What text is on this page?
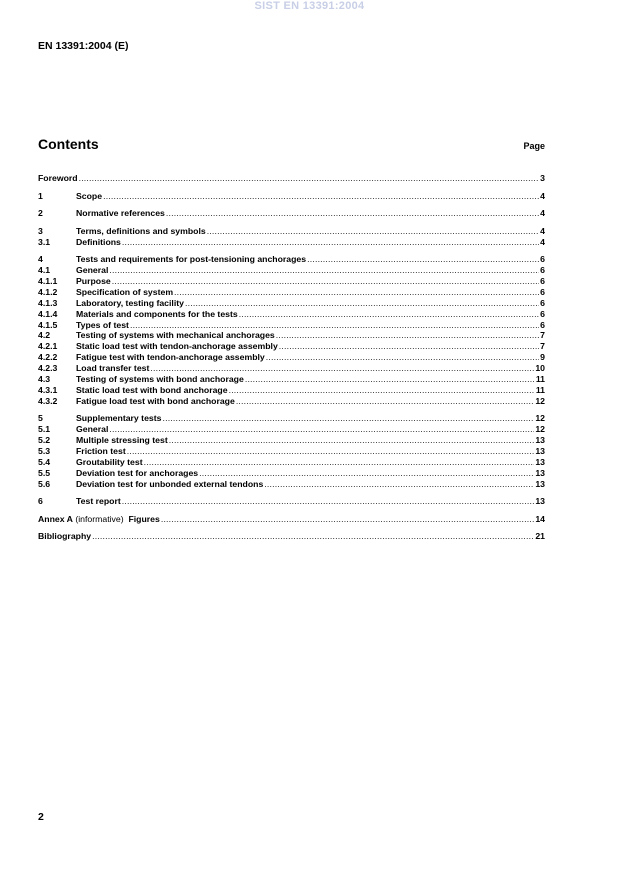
SIST EN 13391:2004
EN 13391:2004 (E)
Contents	Page
Foreword .....	3
1	Scope .....	4
2	Normative references .....	4
3	Terms, definitions and symbols .....	4
3.1	Definitions .....	4
4	Tests and requirements for post-tensioning anchorages .....	6
4.1	General .....	6
4.1.1	Purpose .....	6
4.1.2	Specification of system .....	6
4.1.3	Laboratory, testing facility .....	6
4.1.4	Materials and components for the tests .....	6
4.1.5	Types of test .....	6
4.2	Testing of systems with mechanical anchorages .....	7
4.2.1	Static load test with tendon-anchorage assembly .....	7
4.2.2	Fatigue test with tendon-anchorage assembly .....	9
4.2.3	Load transfer test .....	10
4.3	Testing of systems with bond anchorage .....	11
4.3.1	Static load test with bond anchorage .....	11
4.3.2	Fatigue load test with bond anchorage .....	12
5	Supplementary tests .....	12
5.1	General .....	12
5.2	Multiple stressing test .....	13
5.3	Friction test .....	13
5.4	Groutability test .....	13
5.5	Deviation test for anchorages .....	13
5.6	Deviation test for unbonded external tendons .....	13
6	Test report .....	13
Annex A (informative)  Figures .....	14
Bibliography .....	21
2
